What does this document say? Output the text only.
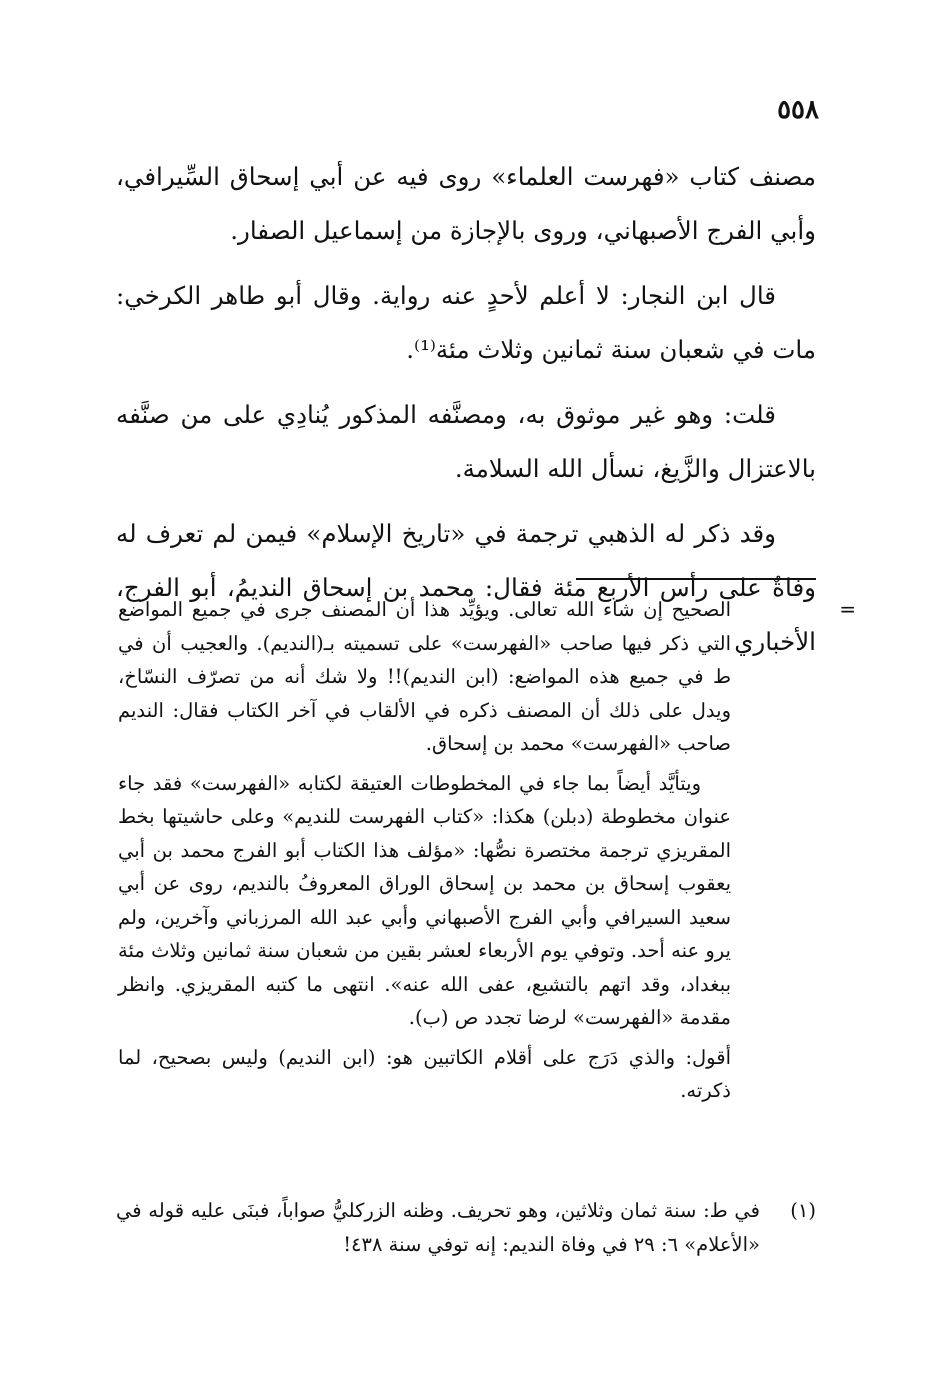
٥٥٨

مصنف كتاب «فهرست العلماء» روى فيه عن أبي إسحاق السِّيرافي، وأبي الفرج الأصبهاني، وروى بالإجازة من إسماعيل الصفار.

قال ابن النجار: لا أعلم لأحدٍ عنه رواية. وقال أبو طاهر الكرخي: مات في شعبان سنة ثمانين وثلاث مئة⁽¹⁾.

قلت: وهو غير موثوق به، ومصنَّفه المذكور يُنادِي على من صنَّفه بالاعتزال والزَّيغ، نسأل الله السلامة.

وقد ذكر له الذهبي ترجمة في «تاريخ الإسلام» فيمن لم تعرف له وفاةٌ على رأس الأربع مئة فقال: محمد بن إسحاق النديمُ، أبو الفرج، الأخباري

=

الصحيح إن شاء الله تعالى. ويؤيِّد هذا أن المصنف جرى في جميع المواضع التي ذكر فيها صاحب «الفهرست» على تسميته بـ(النديم). والعجيب أن في ط في جميع هذه المواضع: (ابن النديم)!! ولا شك أنه من تصرّف النسّاخ، ويدل على ذلك أن المصنف ذكره في الألقاب في آخر الكتاب فقال: النديم صاحب «الفهرست» محمد بن إسحاق.

ويتأيَّد أيضاً بما جاء في المخطوطات العتيقة لكتابه «الفهرست» فقد جاء عنوان مخطوطة (دبلن) هكذا: «كتاب الفهرست للنديم» وعلى حاشيتها بخط المقريزي ترجمة مختصرة نصُّها: «مؤلف هذا الكتاب أبو الفرج محمد بن أبي يعقوب إسحاق بن محمد بن إسحاق الوراق المعروفُ بالنديم، روى عن أبي سعيد السيرافي وأبي الفرج الأصبهاني وأبي عبد الله المرزباني وآخرين، ولم يرو عنه أحد. وتوفي يوم الأربعاء لعشر بقين من شعبان سنة ثمانين وثلاث مئة ببغداد، وقد اتهم بالتشيع، عفى الله عنه». انتهى ما كتبه المقريزي. وانظر مقدمة «الفهرست» لرضا تجدد ص (ب).

أقول: والذي دَرَج على أقلام الكاتبين هو: (ابن النديم) وليس بصحيح، لما ذكرته.

(١)
في ط: سنة ثمان وثلاثين، وهو تحريف. وظنه الزركليُّ صواباً، فبنَى عليه قوله في «الأعلام» ٦: ٢٩ في وفاة النديم: إنه توفي سنة ٤٣٨!
